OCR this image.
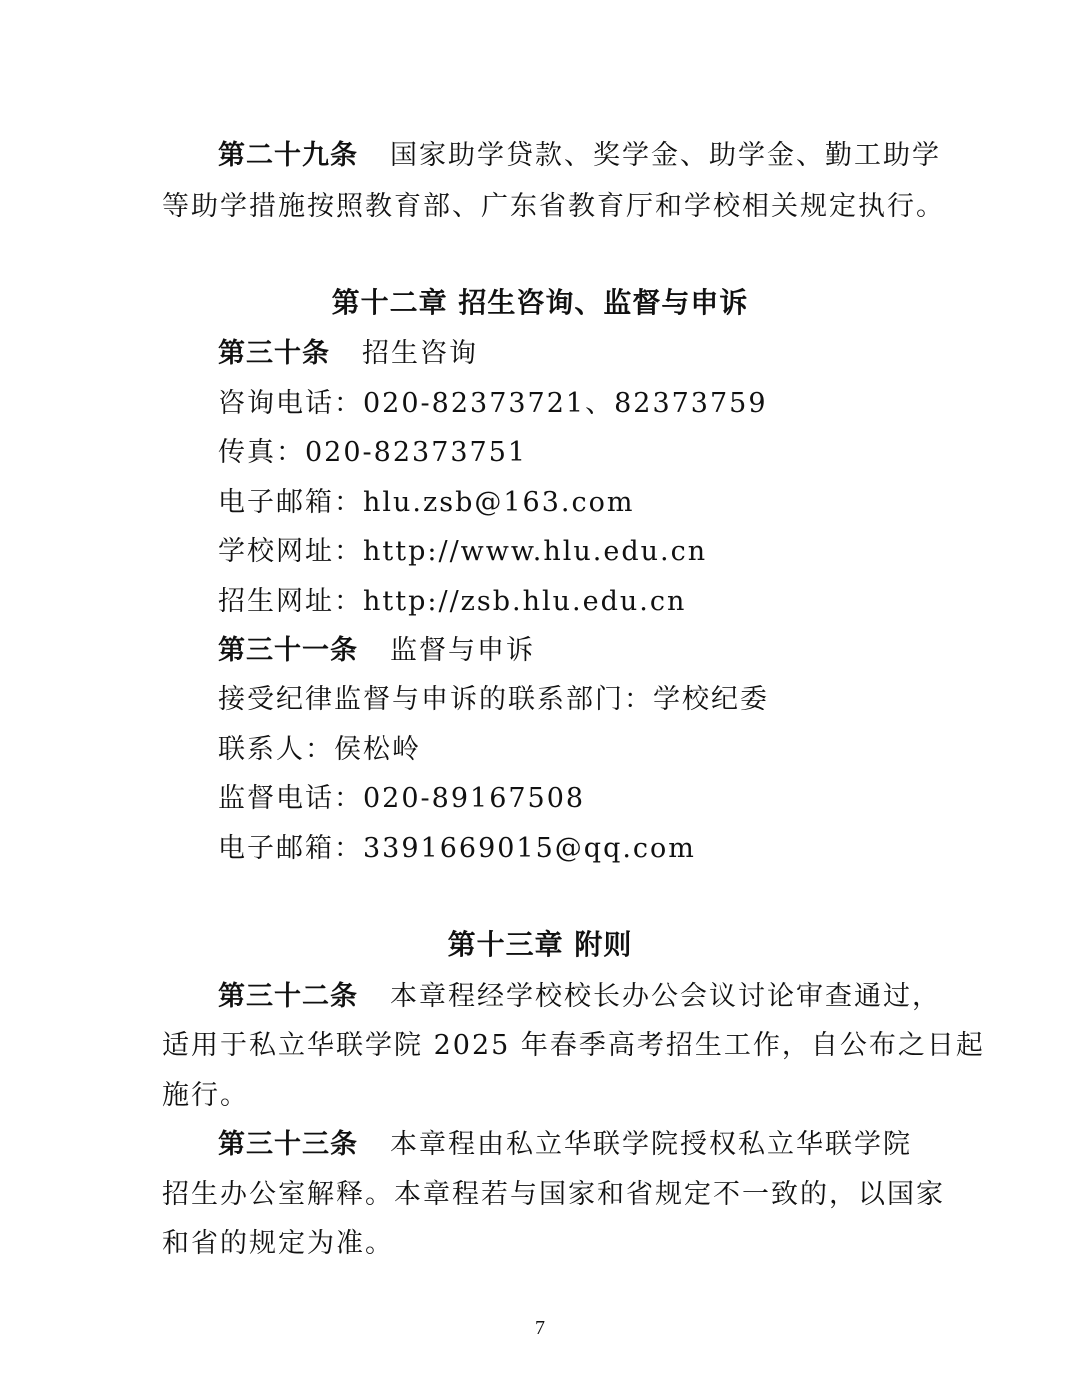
第二十九条 国家助学贷款、奖学金、助学金、勤工助学
等助学措施按照教育部、广东省教育厅和学校相关规定执行。
第十二章 招生咨询、监督与申诉
第三十条 招生咨询
咨询电话：020-82373721、82373759
传真：020-82373751
电子邮箱：hlu.zsb@163.com
学校网址：http://www.hlu.edu.cn
招生网址：http://zsb.hlu.edu.cn
第三十一条 监督与申诉
接受纪律监督与申诉的联系部门：学校纪委
联系人：侯松岭
监督电话：020-89167508
电子邮箱：3391669015@qq.com
第十三章 附则
第三十二条 本章程经学校校长办公会议讨论审查通过，
适用于私立华联学院 2025 年春季高考招生工作，自公布之日起
施行。
第三十三条 本章程由私立华联学院授权私立华联学院
招生办公室解释。本章程若与国家和省规定不一致的，以国家
和省的规定为准。
7
